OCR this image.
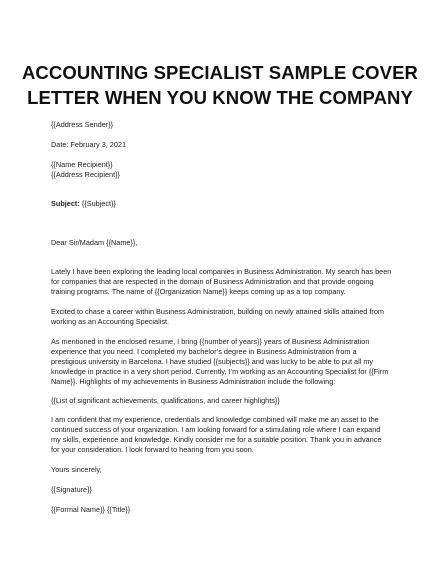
ACCOUNTING SPECIALIST SAMPLE COVER
LETTER WHEN YOU KNOW THE COMPANY

{{Address Sender}}

Date: February 3, 2021

{{Name Recipient}}

{{Address Recipient}}

Subject: {{Subject}}

Dear Sir/Madam {{Name}},

Lately I have been exploring the leading local companies in Business Administration. My search has been

for companies that are respected in the domain of Business Administration and that provide ongoing

training programs. The name of {{Organization Name}} keeps coming up as a top company.

Excited to chase a career within Business Administration, building on newly attained skills attained from

working as an Accounting Specialist.

As mentioned in the enclosed resume, I bring {{number of years}} years of Business Administration

experience that you need. I completed my bachelor’s degree in Business Administration from a

prestigious university in Barcelona. I have studied {{subjects}} and was lucky to be able to put all my

knowledge in practice in a very short period. Currently, I’m working as an Accounting Specialist for {{Firm

Name}}. Highlights of my achievements in Business Administration include the following:

{{List of significant achievements, qualifications, and career highlights}}

I am confident that my experience, credentials and knowledge combined will make me an asset to the

continued success of your organization. I am looking forward for a stimulating role where I can expand

my skills, experience and knowledge. Kindly consider me for a suitable position. Thank you in advance

for your consideration. I look forward to hearing from you soon.

Yours sincerely,

{{Signature}}

{{Formal Name}} {{Title}}
